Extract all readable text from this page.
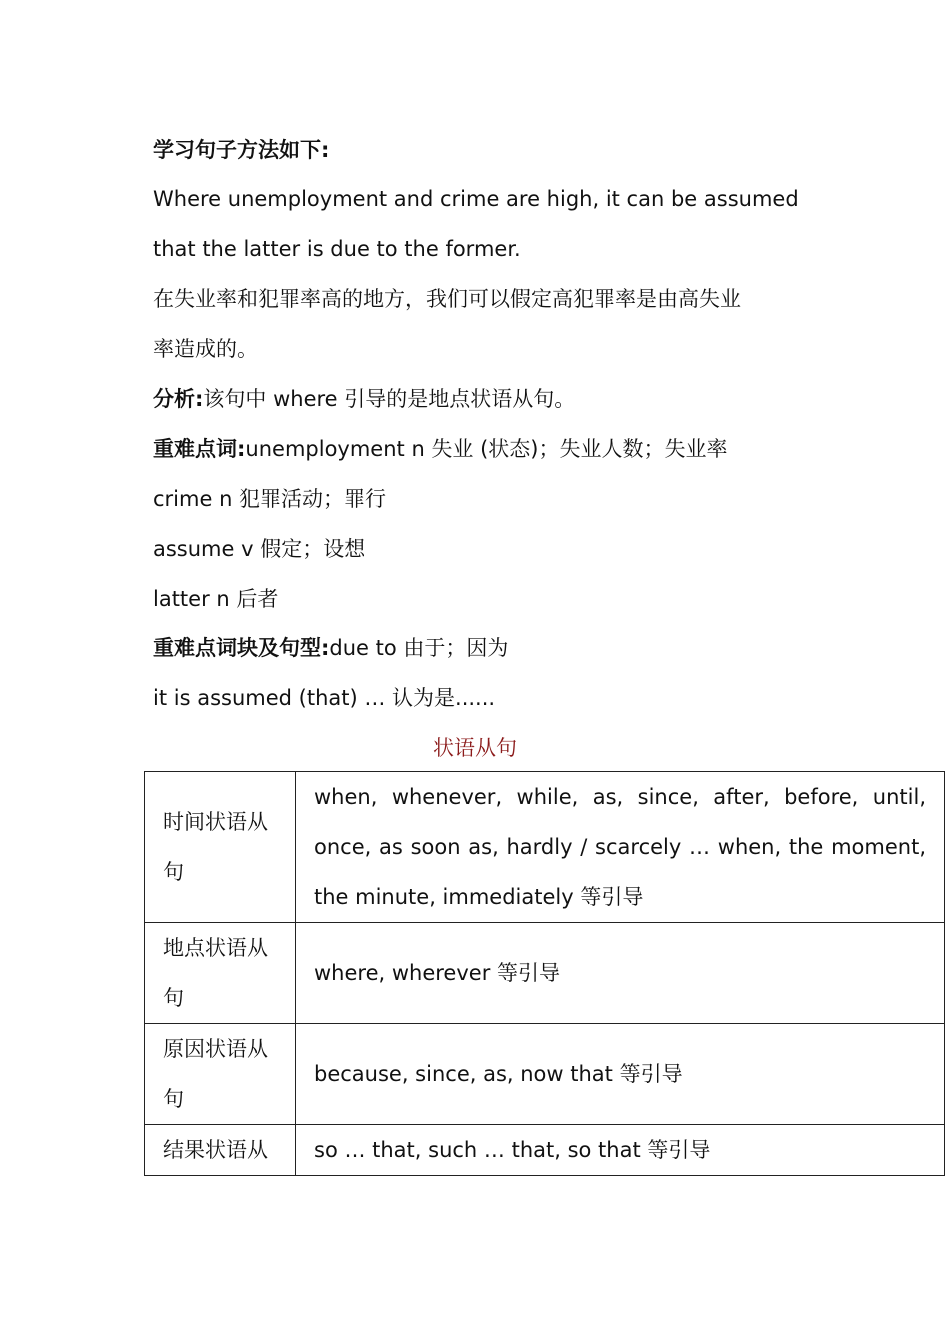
学习句子方法如下:
Where unemployment and crime are high, it can be assumed
that the latter is due to the former.
在失业率和犯罪率高的地方，我们可以假定高犯罪率是由高失业
率造成的。
分析:该句中 where 引导的是地点状语从句。
重难点词:unemployment n 失业 (状态)；失业人数；失业率
crime n 犯罪活动；罪行
assume v 假定；设想
latter n 后者
重难点词块及句型:due to 由于；因为
it is assumed (that) … 认为是......
状语从句
时间状语从句	when, whenever, while, as, since, after, before, until, once, as soon as, hardly / scarcely … when, the moment, the minute, immediately 等引导
地点状语从句	where, wherever 等引导
原因状语从句	because, since, as, now that 等引导
结果状语从	so … that, such … that, so that 等引导
